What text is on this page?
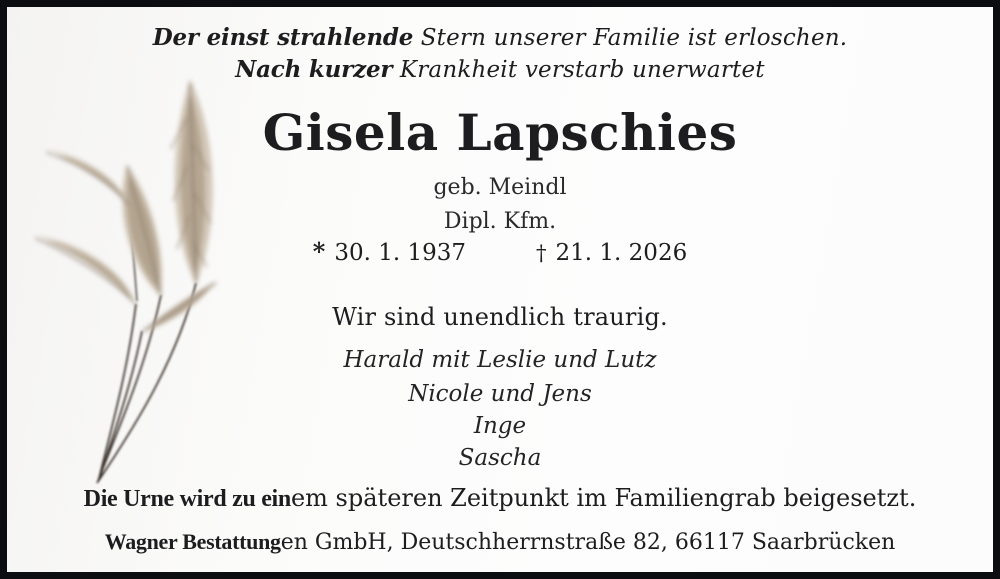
Der einst strahlende Stern unserer Familie ist erloschen.
Nach kurzer Krankheit verstarb unerwartet
Gisela Lapschies
geb. Meindl
Dipl. Kfm.
* 30. 1. 1937	† 21. 1. 2026
Wir sind unendlich traurig.
Harald mit Leslie und Lutz
Nicole und Jens
Inge
Sascha
Die Urne wird zu einem späteren Zeitpunkt im Familiengrab beigesetzt.
Wagner Bestattungen GmbH, Deutschherrnstraße 82, 66117 Saarbrücken
